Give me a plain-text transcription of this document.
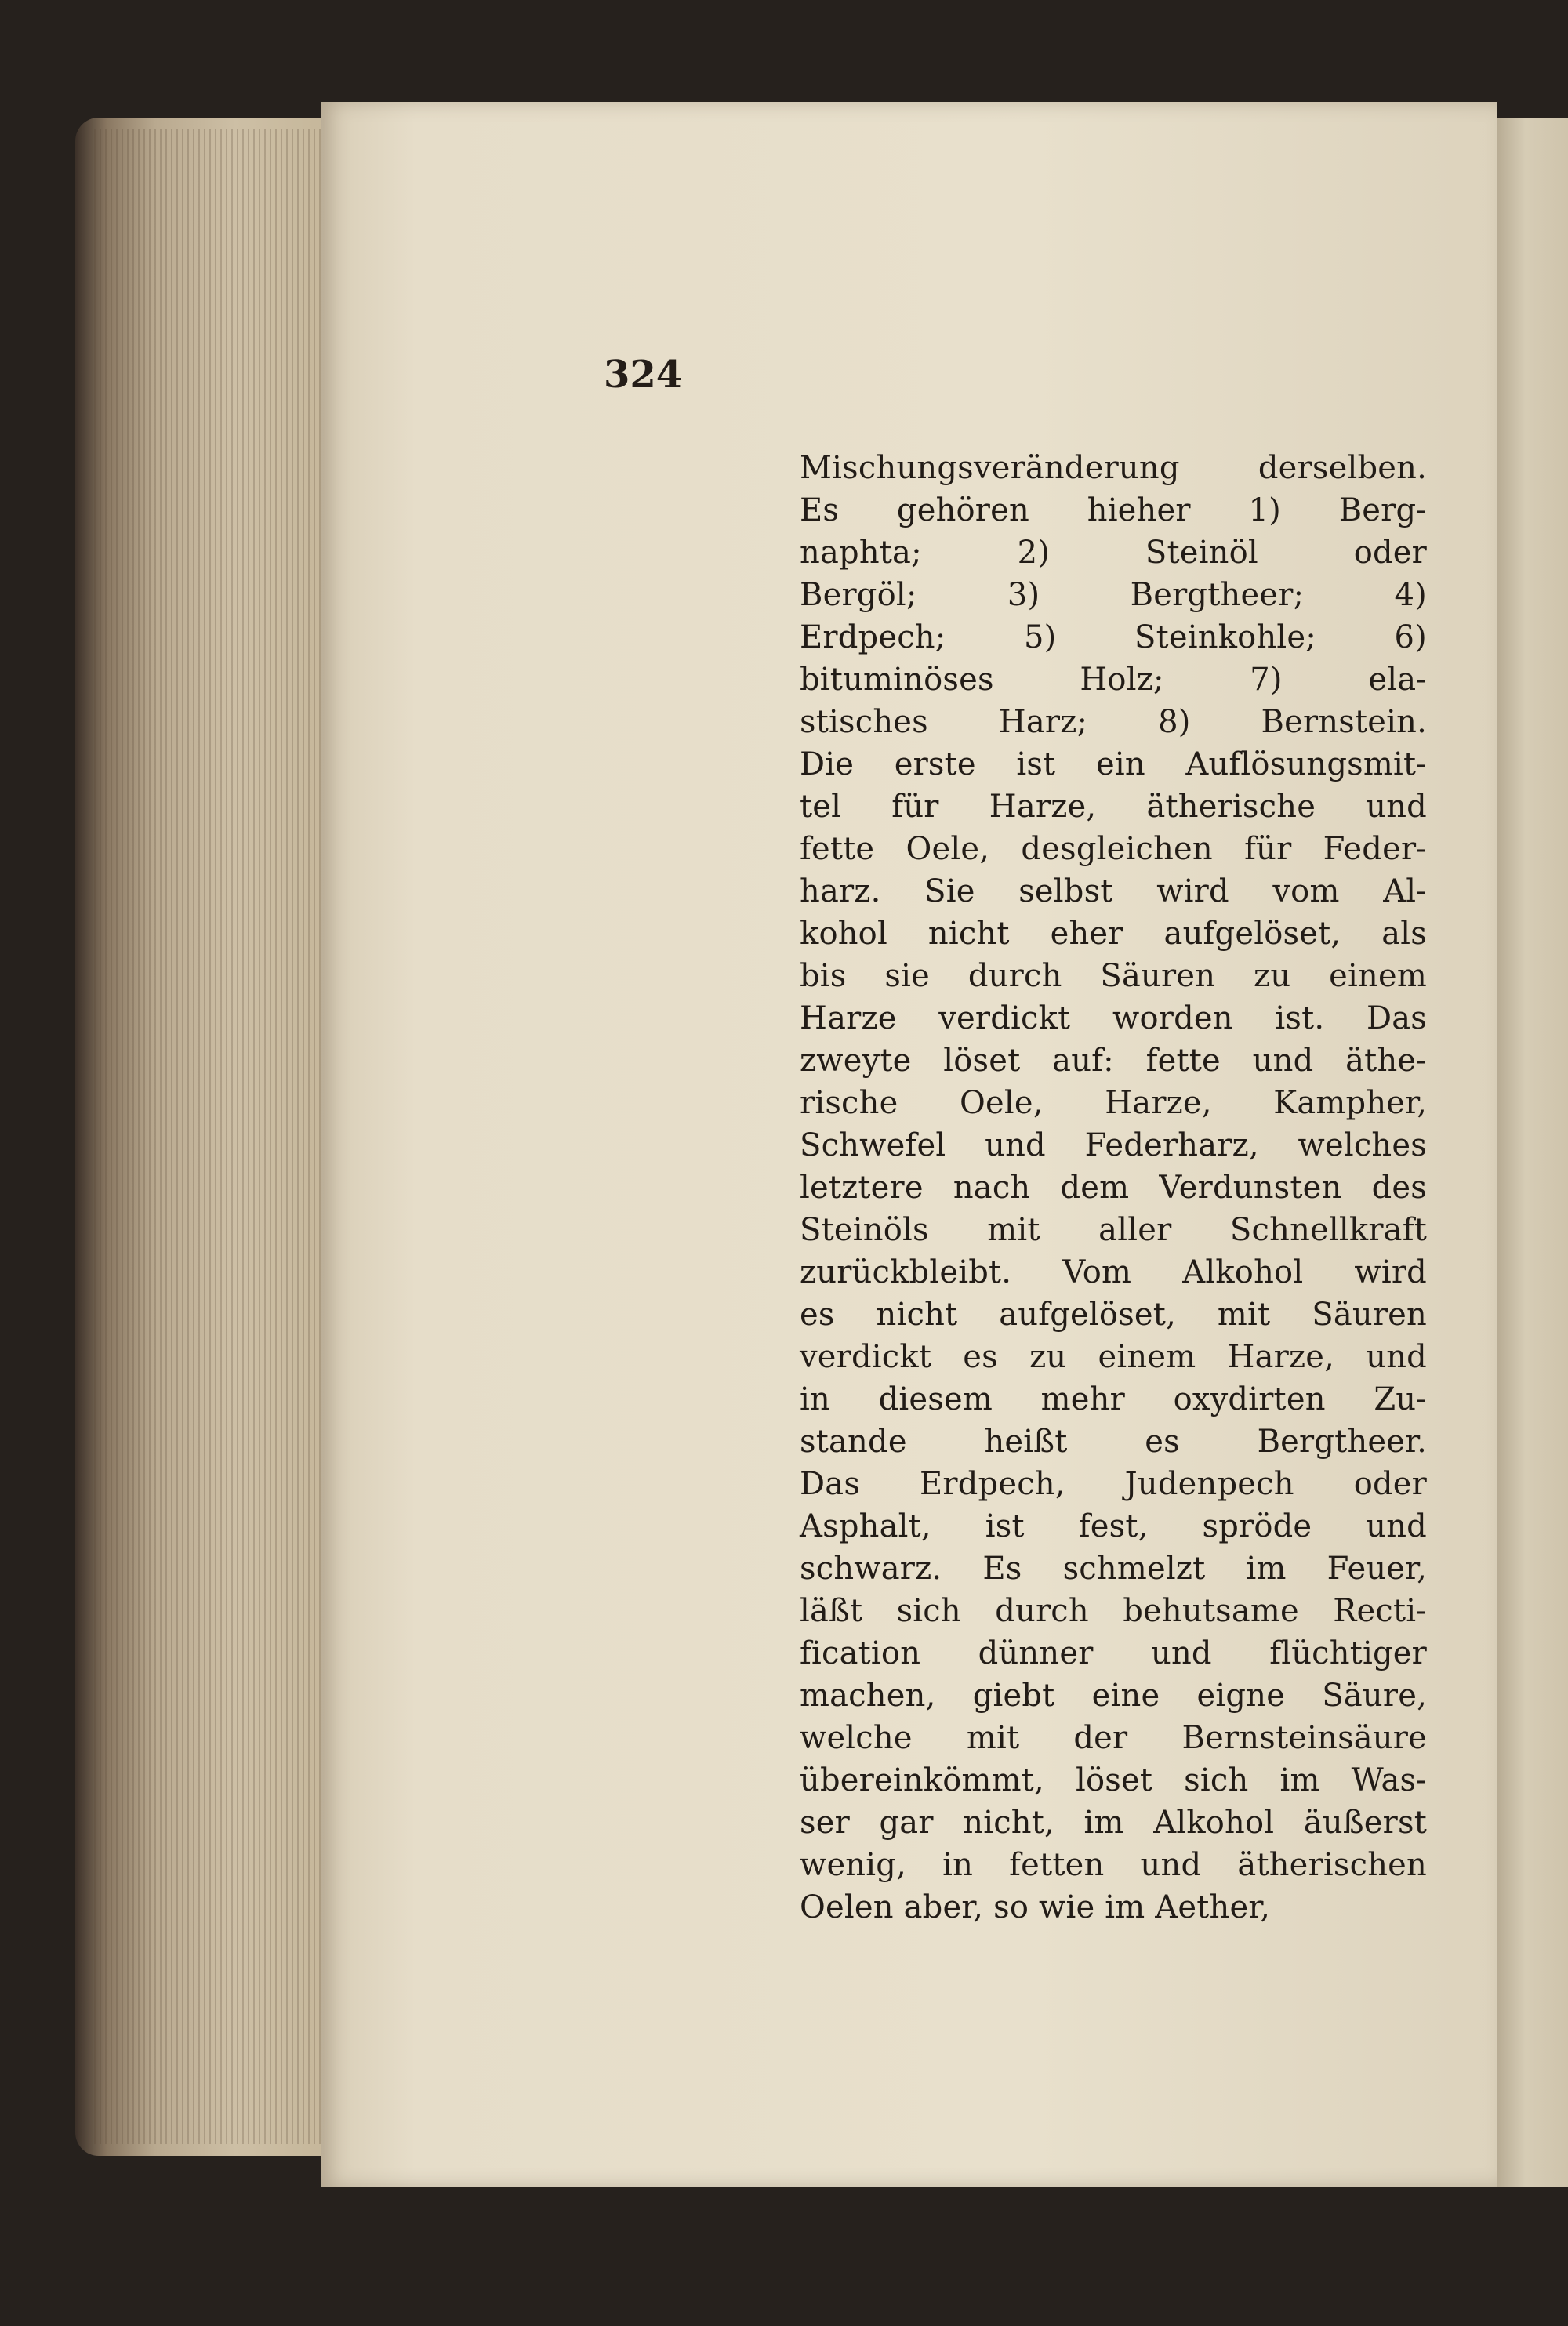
324
Mischungsveränderung derselben.
Es gehören hieher 1) Berg-
naphta; 2) Steinöl oder
Bergöl; 3) Bergtheer; 4)
Erdpech; 5) Steinkohle; 6)
bituminöses Holz; 7) ela-
stisches Harz; 8) Bernstein.
Die erste ist ein Auflösungsmit-
tel für Harze, ätherische und
fette Oele, desgleichen für Feder-
harz. Sie selbst wird vom Al-
kohol nicht eher aufgelöset, als
bis sie durch Säuren zu einem
Harze verdickt worden ist. Das
zweyte löset auf: fette und äthe-
rische Oele, Harze, Kampher,
Schwefel und Federharz, welches
letztere nach dem Verdunsten des
Steinöls mit aller Schnellkraft
zurückbleibt. Vom Alkohol wird
es nicht aufgelöset, mit Säuren
verdickt es zu einem Harze, und
in diesem mehr oxydirten Zu-
stande heißt es Bergtheer.
Das Erdpech, Judenpech oder
Asphalt, ist fest, spröde und
schwarz. Es schmelzt im Feuer,
läßt sich durch behutsame Recti-
fication dünner und flüchtiger
machen, giebt eine eigne Säure,
welche mit der Bernsteinsäure
übereinkömmt, löset sich im Was-
ser gar nicht, im Alkohol äußerst
wenig, in fetten und ätherischen
Oelen aber, so wie im Aether,
